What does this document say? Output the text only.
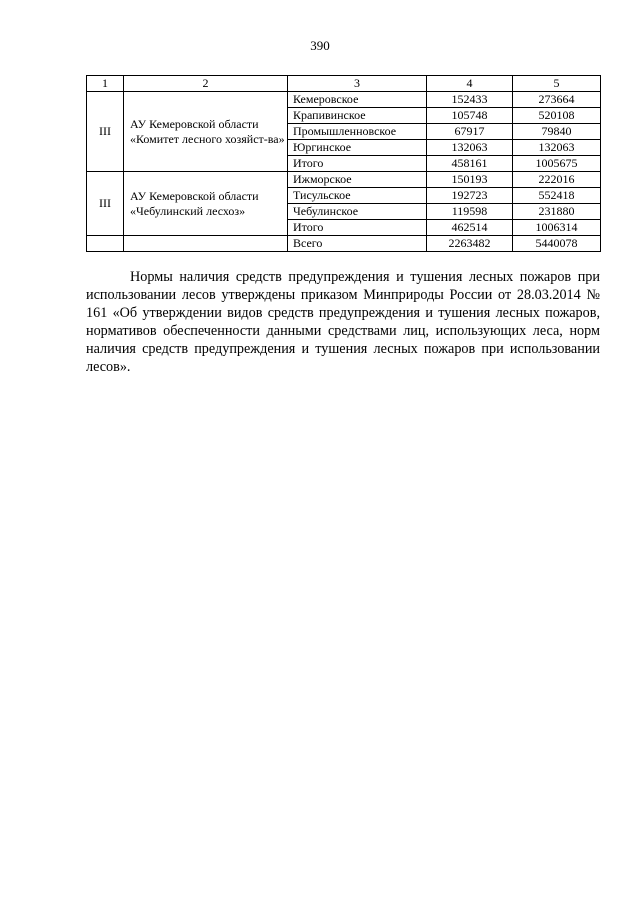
390
1	2	3	4	5
III	АУ Кемеровской области «Комитет лесного хозяйст-ва»	Кемеровское	152433	273664
		Крапивинское	105748	520108
		Промышленновское	67917	79840
		Юргинское	132063	132063
		Итого	458161	1005675
III	АУ Кемеровской области «Чебулинский лесхоз»	Ижморское	150193	222016
		Тисульское	192723	552418
		Чебулинское	119598	231880
		Итого	462514	1006314
		Всего	2263482	5440078

Нормы наличия средств предупреждения и тушения лесных пожаров при использовании лесов утверждены приказом Минприроды России от 28.03.2014 № 161 «Об утверждении видов средств предупреждения и тушения лесных пожаров, нормативов обеспеченности данными средствами лиц, использующих леса, норм наличия средств предупреждения и тушения лесных пожаров при использовании лесов».
